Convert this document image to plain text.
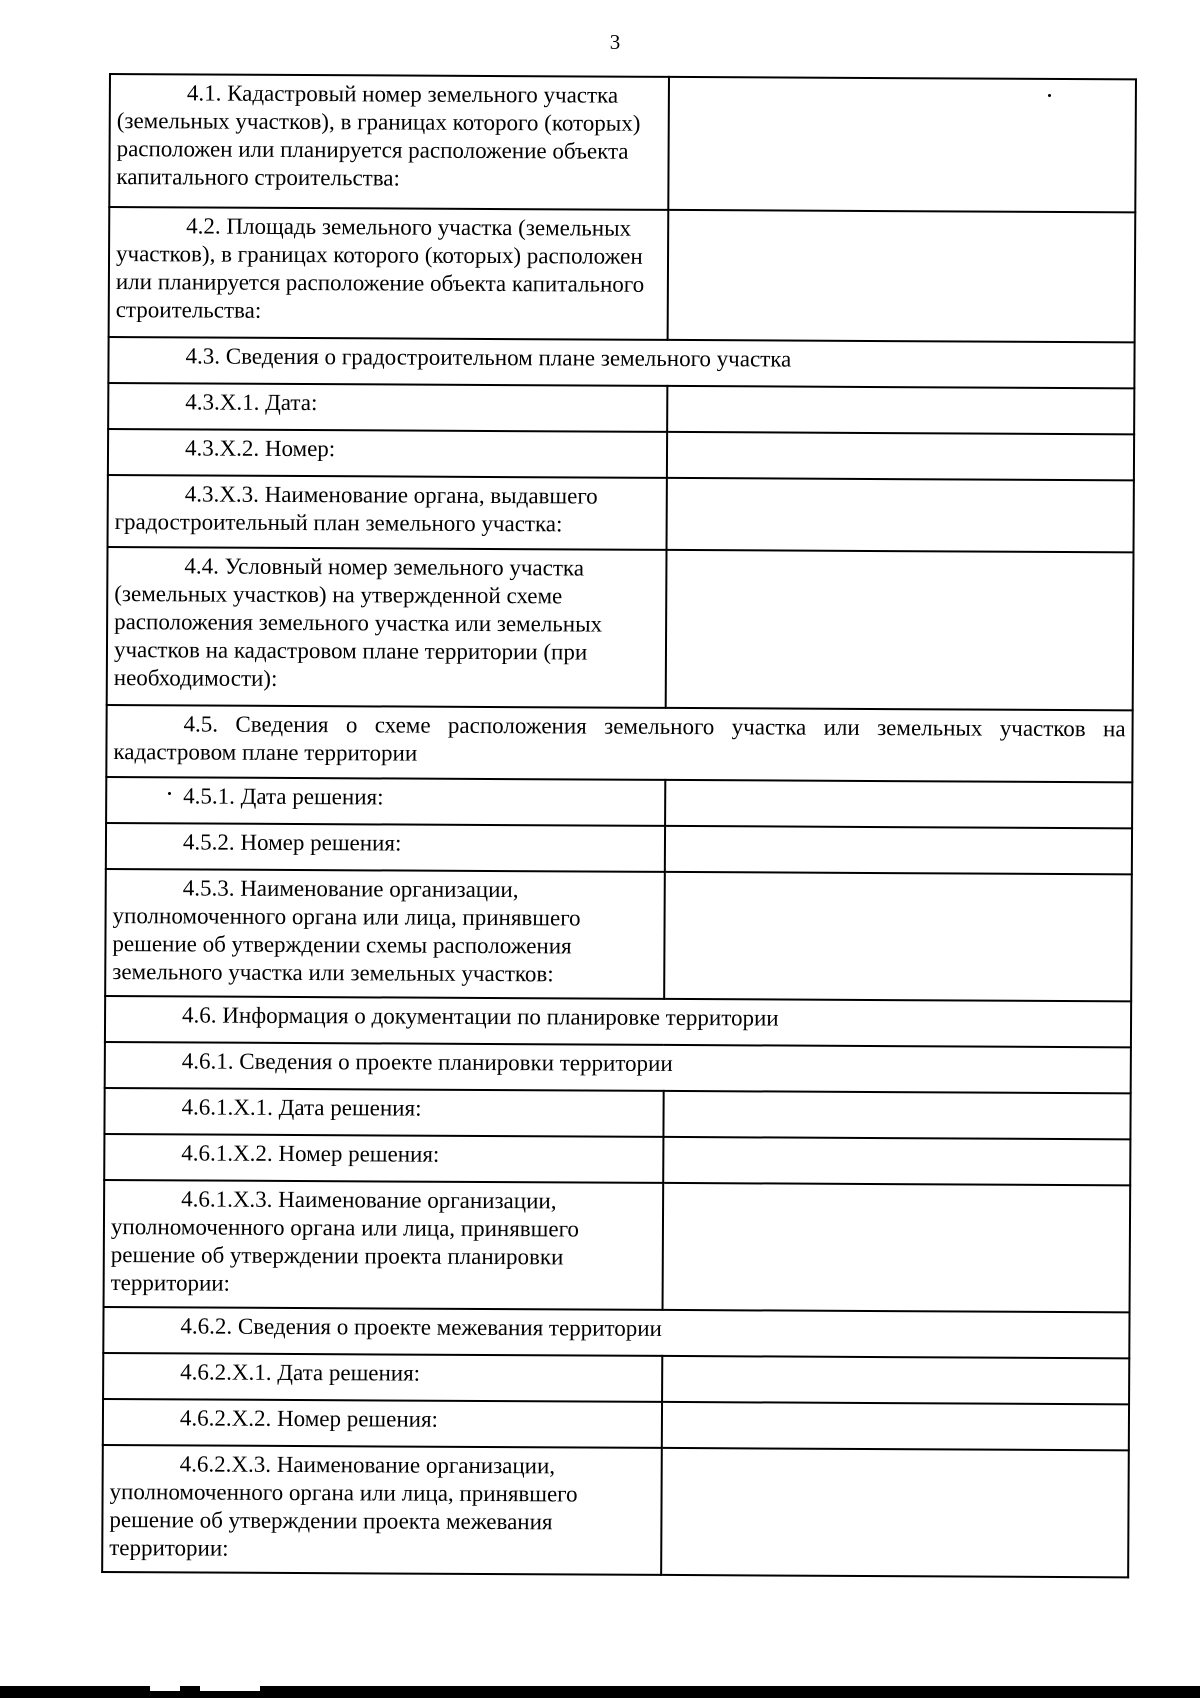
3
4.1. Кадастровый номер земельного участка (земельных участков), в границах которого (которых) расположен или планируется расположение объекта капитального строительства:	

4.2. Площадь земельного участка (земельных участков), в границах которого (которых) расположен или планируется расположение объекта капитального строительства:	

4.3. Сведения о градостроительном плане земельного участка	

4.3.X.1. Дата:	

4.3.X.2. Номер:	

4.3.X.3. Наименование органа, выдавшего градостроительный план земельного участка:	

4.4. Условный номер земельного участка (земельных участков) на утвержденной схеме расположения земельного участка или земельных участков на кадастровом плане территории (при необходимости):	

4.5. Сведения о схеме расположения земельного участка или земельных участков на кадастровом плане территории	

4.5.1. Дата решения:	

4.5.2. Номер решения:	

4.5.3. Наименование организации, уполномоченного органа или лица, принявшего решение об утверждении схемы расположения земельного участка или земельных участков:	

4.6. Информация о документации по планировке территории	

4.6.1. Сведения о проекте планировки территории	

4.6.1.X.1. Дата решения:	

4.6.1.X.2. Номер решения:	

4.6.1.X.3. Наименование организации, уполномоченного органа или лица, принявшего решение об утверждении проекта планировки территории:	

4.6.2. Сведения о проекте межевания территории	

4.6.2.X.1. Дата решения:	

4.6.2.X.2. Номер решения:	

4.6.2.X.3. Наименование организации, уполномоченного органа или лица, принявшего решение об утверждении проекта межевания территории:	
